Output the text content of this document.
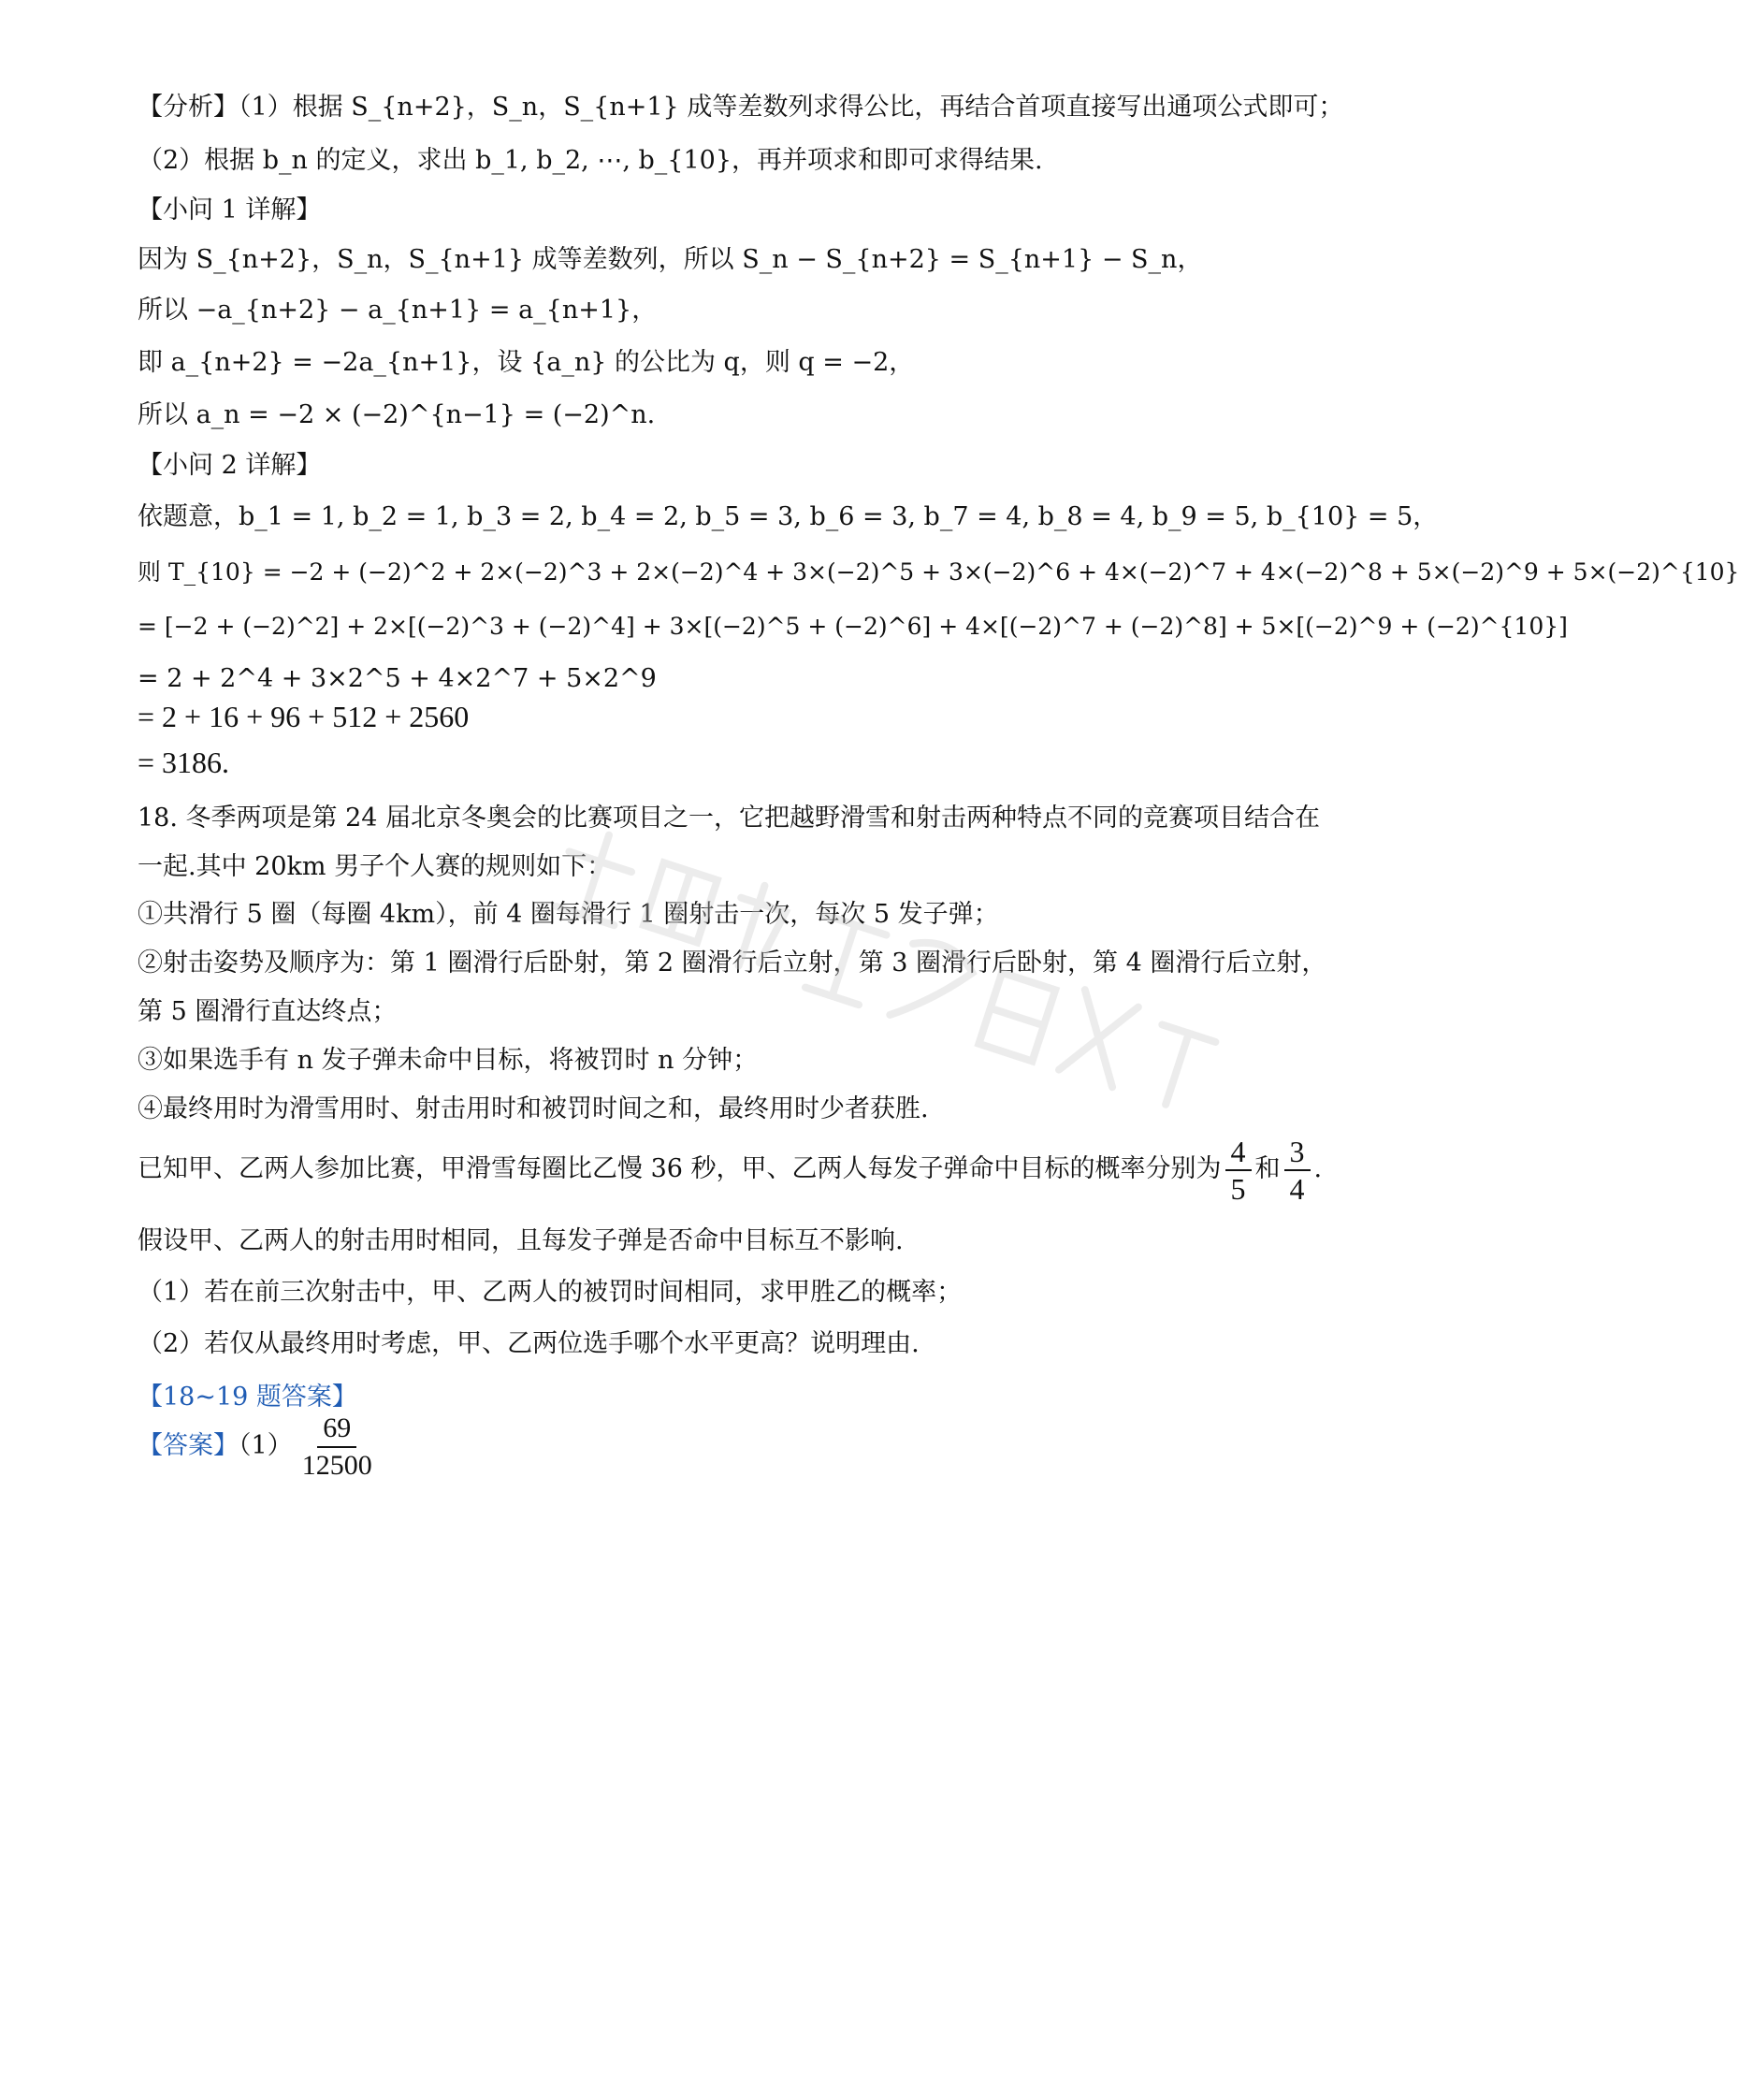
【分析】（1）根据 S_{n+2}，S_n，S_{n+1} 成等差数列求得公比，再结合首项直接写出通项公式即可；
（2）根据 b_n 的定义，求出 b_1, b_2, ⋯, b_{10}，再并项求和即可求得结果.
【小问 1 详解】
因为 S_{n+2}，S_n，S_{n+1} 成等差数列，所以 S_n − S_{n+2} = S_{n+1} − S_n，
所以 −a_{n+2} − a_{n+1} = a_{n+1}，
即 a_{n+2} = −2a_{n+1}，设 {a_n} 的公比为 q，则 q = −2，
所以 a_n = −2 × (−2)^{n−1} = (−2)^n.
【小问 2 详解】
依题意，b_1 = 1, b_2 = 1, b_3 = 2, b_4 = 2, b_5 = 3, b_6 = 3, b_7 = 4, b_8 = 4, b_9 = 5, b_{10} = 5，
则 T_{10} = −2 + (−2)^2 + 2×(−2)^3 + 2×(−2)^4 + 3×(−2)^5 + 3×(−2)^6 + 4×(−2)^7 + 4×(−2)^8 + 5×(−2)^9 + 5×(−2)^{10}
= [−2 + (−2)^2] + 2×[(−2)^3 + (−2)^4] + 3×[(−2)^5 + (−2)^6] + 4×[(−2)^7 + (−2)^8] + 5×[(−2)^9 + (−2)^{10}]
= 2 + 2^4 + 3×2^5 + 4×2^7 + 5×2^9
= 2 + 16 + 96 + 512 + 2560
= 3186.
18. 冬季两项是第 24 届北京冬奥会的比赛项目之一，它把越野滑雪和射击两种特点不同的竞赛项目结合在
一起.其中 20km 男子个人赛的规则如下：
①共滑行 5 圈（每圈 4km），前 4 圈每滑行 1 圈射击一次，每次 5 发子弹；
②射击姿势及顺序为：第 1 圈滑行后卧射，第 2 圈滑行后立射，第 3 圈滑行后卧射，第 4 圈滑行后立射，
第 5 圈滑行直达终点；
③如果选手有 n 发子弹未命中目标，将被罚时 n 分钟；
④最终用时为滑雪用时、射击用时和被罚时间之和，最终用时少者获胜.
已知甲、乙两人参加比赛，甲滑雪每圈比乙慢 36 秒，甲、乙两人每发子弹命中目标的概率分别为 $\frac{4}{5}$ 和 $\frac{3}{4}$ .
假设甲、乙两人的射击用时相同，且每发子弹是否命中目标互不影响.
（1）若在前三次射击中，甲、乙两人的被罚时间相同，求甲胜乙的概率；
（2）若仅从最终用时考虑，甲、乙两位选手哪个水平更高？说明理由.
【18~19 题答案】
【答案】$(1) \frac{69}{12500}$
